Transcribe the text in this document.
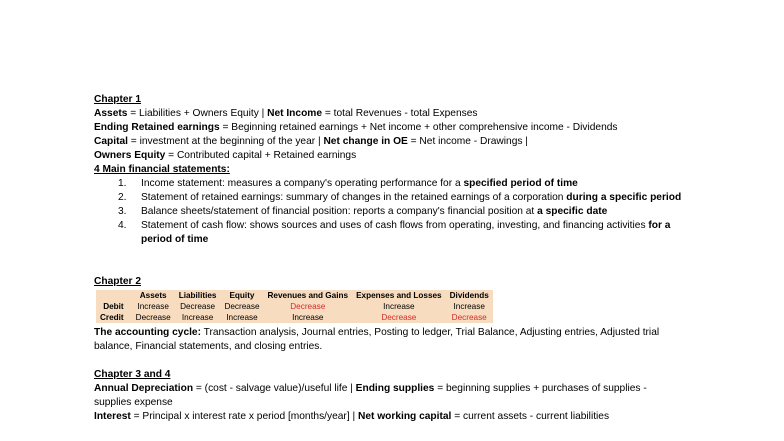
Chapter 1
Assets = Liabilities + Owners Equity | Net Income = total Revenues - total Expenses
Ending Retained earnings = Beginning retained earnings + Net income + other comprehensive income - Dividends
Capital = investment at the beginning of the year | Net change in OE = Net income - Drawings |
Owners Equity = Contributed capital + Retained earnings
4 Main financial statements:
1. Income statement: measures a company's operating performance for a specified period of time
2. Statement of retained earnings: summary of changes in the retained earnings of a corporation during a specific period
3. Balance sheets/statement of financial position: reports a company's financial position at a specific date
4. Statement of cash flow: shows sources and uses of cash flows from operating, investing, and financing activities for a period of time
Chapter 2
	Assets	Liabilities	Equity	Revenues and Gains	Expenses and Losses	Dividends
Debit	Increase	Decrease	Decrease	Decrease	Increase	Increase
Credit	Decrease	Increase	Increase	Increase	Decrease	Decrease
The accounting cycle: Transaction analysis, Journal entries, Posting to ledger, Trial Balance, Adjusting entries, Adjusted trial
balance, Financial statements, and closing entries.
Chapter 3 and 4
Annual Depreciation = (cost - salvage value)/useful life | Ending supplies = beginning supplies + purchases of supplies -
supplies expense
Interest = Principal x interest rate x period [months/year] | Net working capital = current assets - current liabilities
